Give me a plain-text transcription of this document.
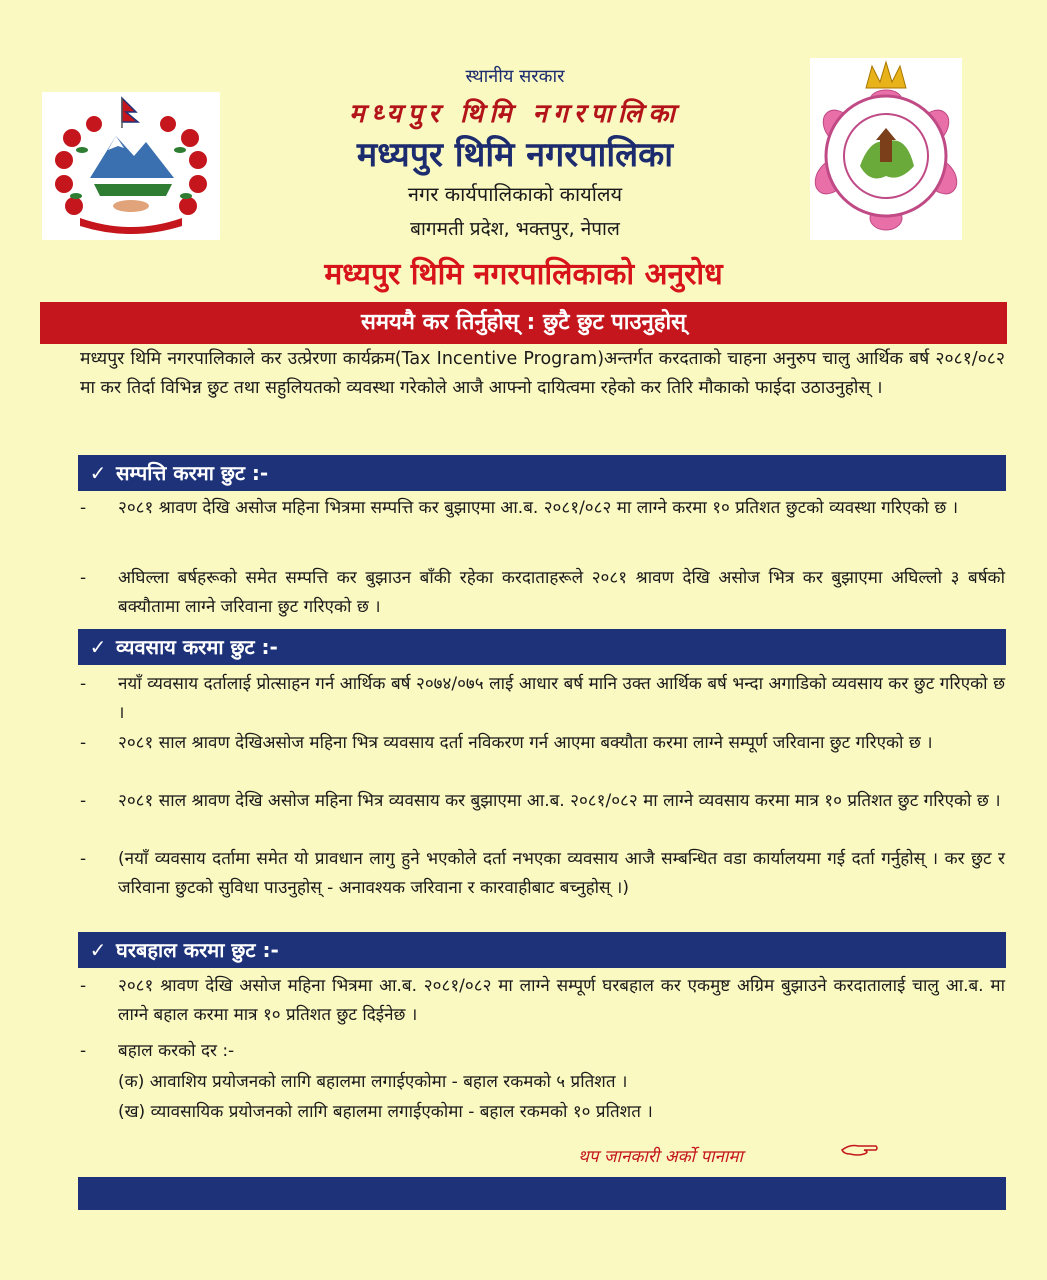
स्थानीय सरकार
मध्यपुर थिमि नगरपालिका
मध्यपुर थिमि नगरपालिका
नगर कार्यपालिकाको कार्यालय
बागमती प्रदेश, भक्तपुर, नेपाल
मध्यपुर थिमि नगरपालिकाको अनुरोध
समयमै कर तिर्नुहोस् : छुटै छुट पाउनुहोस्
मध्यपुर थिमि नगरपालिकाले कर उत्प्रेरणा कार्यक्रम(Tax Incentive Program)अन्तर्गत करदताको चाहना अनुरुप चालु आर्थिक बर्ष २०८१/०८२ मा कर तिर्दा विभिन्न छुट तथा सहुलियतको व्यवस्था गरेकोले आजै आफ्नो दायित्वमा रहेको कर तिरि मौकाको फाईदा उठाउनुहोस् ।
✓ सम्पत्ति करमा छुट :-
-	२०८१ श्रावण देखि असोज महिना भित्रमा सम्पत्ति कर बुझाएमा आ.ब. २०८१/०८२ मा लाग्ने करमा १० प्रतिशत छुटको व्यवस्था गरिएको छ ।
-	अघिल्ला बर्षहरूको समेत सम्पत्ति कर बुझाउन बाँकी रहेका करदाताहरूले २०८१ श्रावण देखि असोज भित्र कर बुझाएमा अघिल्लो ३ बर्षको बक्यौतामा लाग्ने जरिवाना छुट गरिएको छ ।
✓ व्यवसाय करमा छुट :-
-	नयाँ व्यवसाय दर्तालाई प्रोत्साहन गर्न आर्थिक बर्ष २०७४/०७५ लाई आधार बर्ष मानि उक्त आर्थिक बर्ष भन्दा अगाडिको व्यवसाय कर छुट गरिएको छ ।
-	२०८१ साल श्रावण देखिअसोज महिना भित्र व्यवसाय दर्ता नविकरण गर्न आएमा बक्यौता करमा लाग्ने सम्पूर्ण जरिवाना छुट गरिएको छ ।
-	२०८१ साल श्रावण देखि असोज महिना भित्र व्यवसाय कर बुझाएमा आ.ब. २०८१/०८२ मा लाग्ने व्यवसाय करमा मात्र १० प्रतिशत छुट गरिएको छ ।
-	(नयाँ व्यवसाय दर्तामा समेत यो प्रावधान लागु हुने भएकोले दर्ता नभएका व्यवसाय आजै सम्बन्धित वडा कार्यालयमा गई दर्ता गर्नुहोस् । कर छुट र जरिवाना छुटको सुविधा पाउनुहोस् - अनावश्यक जरिवाना र कारवाहीबाट बच्नुहोस् ।)
✓ घरबहाल करमा छुट :-
-	२०८१ श्रावण देखि असोज महिना भित्रमा आ.ब. २०८१/०८२ मा लाग्ने सम्पूर्ण घरबहाल कर एकमुष्ट अग्रिम बुझाउने करदातालाई चालु आ.ब. मा लाग्ने बहाल करमा मात्र १० प्रतिशत छुट दिईनेछ ।
-	बहाल करको दर :-
(क) आवाशिय प्रयोजनको लागि बहालमा लगाईएकोमा - बहाल रकमको ५ प्रतिशत ।
(ख) व्यावसायिक प्रयोजनको लागि बहालमा लगाईएकोमा - बहाल रकमको १० प्रतिशत ।
थप जानकारी अर्को पानामा
